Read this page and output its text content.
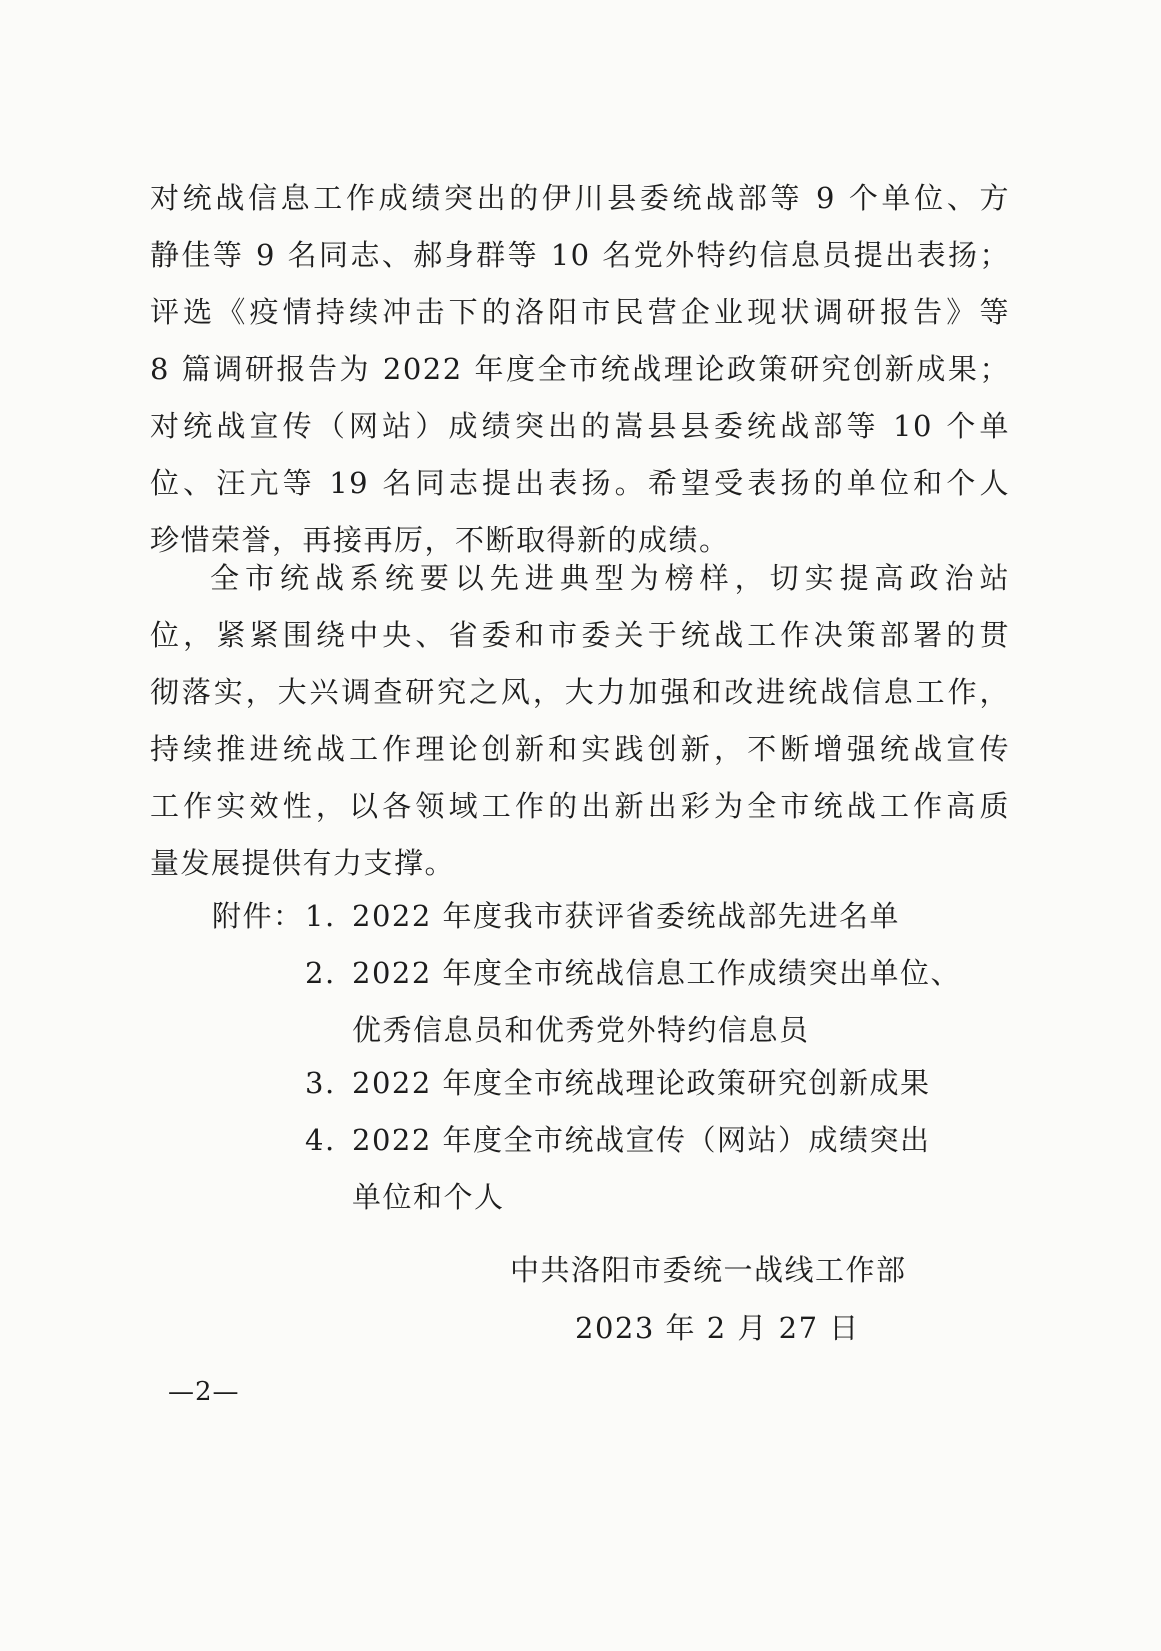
对统战信息工作成绩突出的伊川县委统战部等 9 个单位、方
静佳等 9 名同志、郝身群等 10 名党外特约信息员提出表扬；
评选《疫情持续冲击下的洛阳市民营企业现状调研报告》等
8 篇调研报告为 2022 年度全市统战理论政策研究创新成果；
对统战宣传（网站）成绩突出的嵩县县委统战部等 10 个单
位、汪亢等 19 名同志提出表扬。希望受表扬的单位和个人
珍惜荣誉，再接再厉，不断取得新的成绩。
全市统战系统要以先进典型为榜样，切实提高政治站
位，紧紧围绕中央、省委和市委关于统战工作决策部署的贯
彻落实，大兴调查研究之风，大力加强和改进统战信息工作，
持续推进统战工作理论创新和实践创新，不断增强统战宣传
工作实效性，以各领域工作的出新出彩为全市统战工作高质
量发展提供有力支撑。
附件： 1. 2022 年度我市获评省委统战部先进名单
2. 2022 年度全市统战信息工作成绩突出单位、
优秀信息员和优秀党外特约信息员
3. 2022 年度全市统战理论政策研究创新成果
4. 2022 年度全市统战宣传（网站）成绩突出
单位和个人
中共洛阳市委统一战线工作部
2023 年 2 月 27 日
—2—
